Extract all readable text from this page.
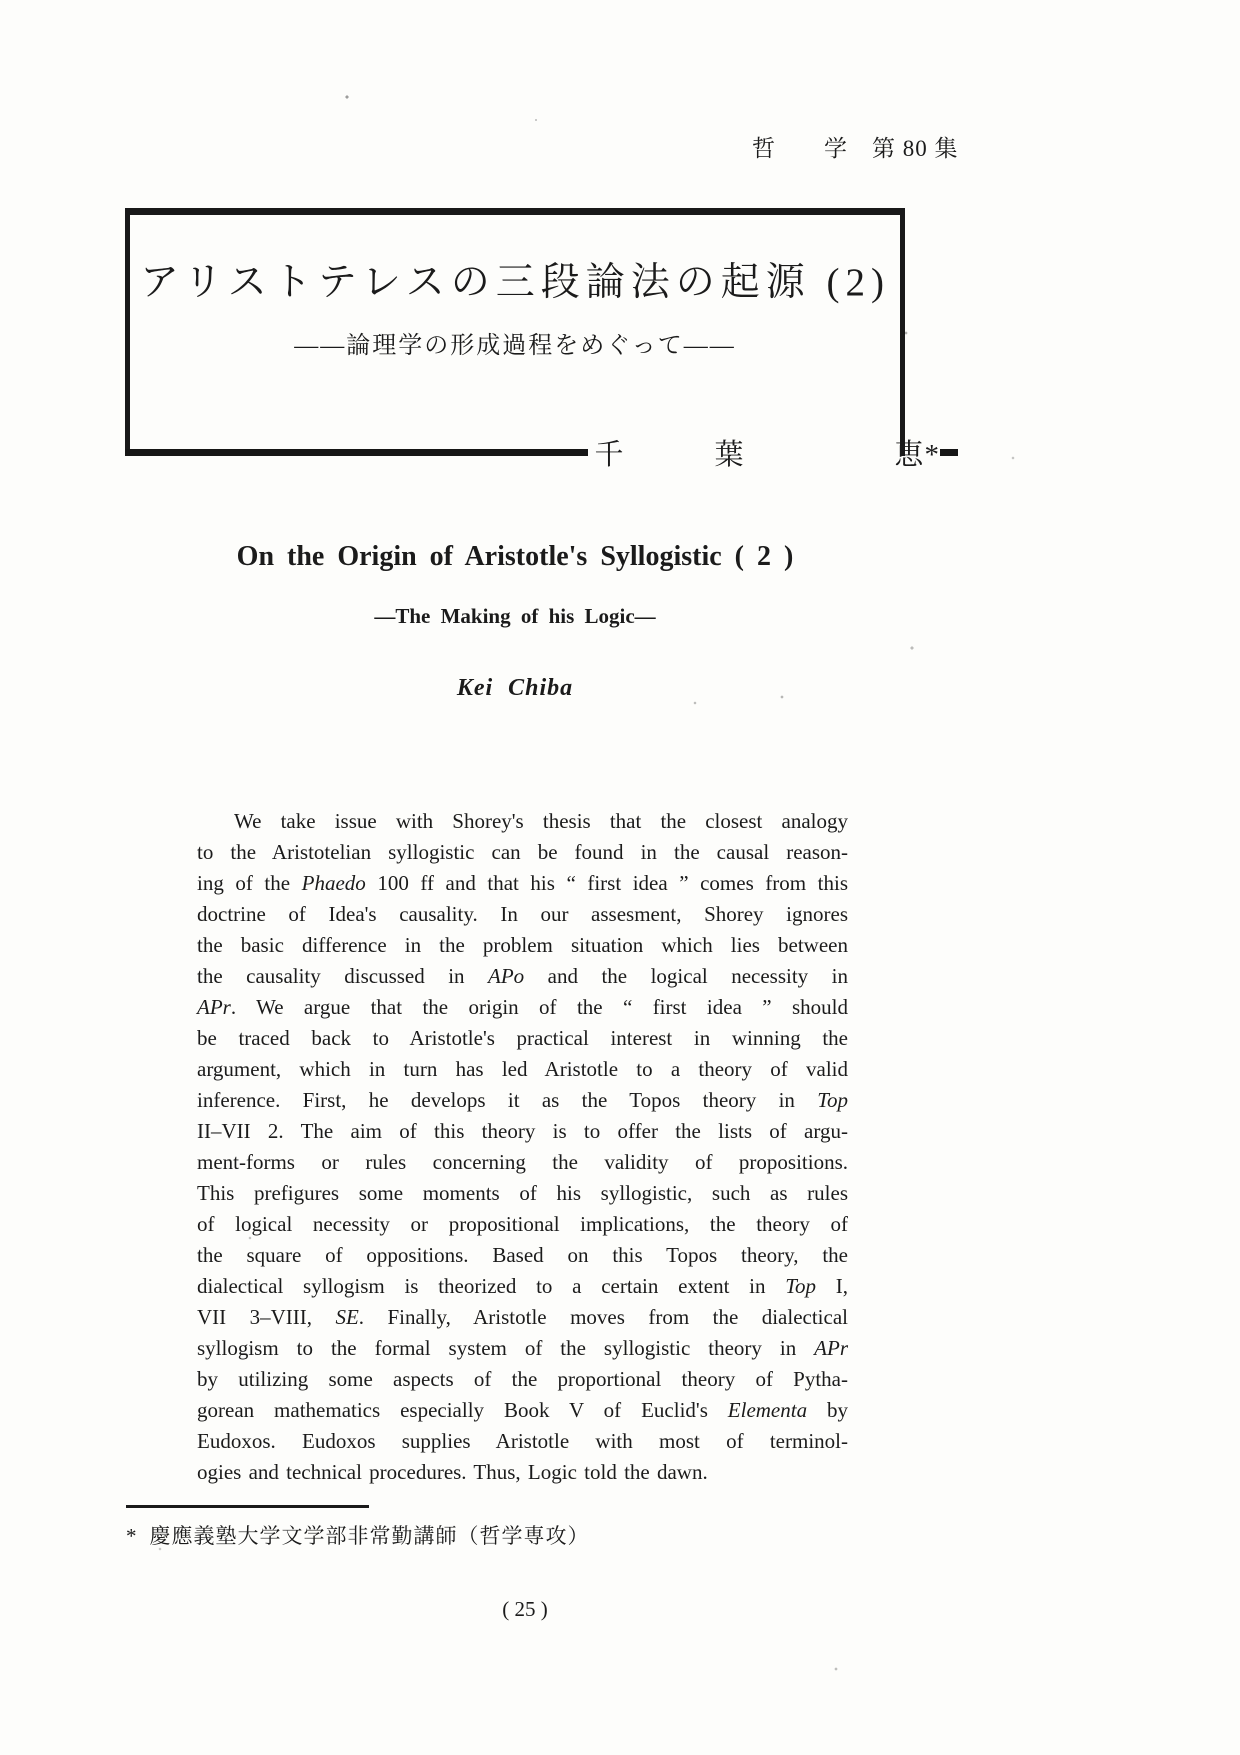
哲　　学　第 80 集
アリストテレスの三段論法の起源 (2)
――論理学の形成過程をめぐって――
千　　　葉　　　　　恵*
On the Origin of Aristotle's Syllogistic ( 2 )
—The Making of his Logic—
Kei Chiba
We take issue with Shorey's thesis that the closest analogy
to the Aristotelian syllogistic can be found in the causal reason-
ing of the Phaedo 100 ff and that his “ first idea ” comes from this
doctrine of Idea's causality. In our assesment, Shorey ignores
the basic difference in the problem situation which lies between
the causality discussed in APo and the logical necessity in
APr. We argue that the origin of the “ first idea ” should
be traced back to Aristotle's practical interest in winning the
argument, which in turn has led Aristotle to a theory of valid
inference. First, he develops it as the Topos theory in Top
II–VII 2. The aim of this theory is to offer the lists of argu-
ment-forms or rules concerning the validity of propositions.
This prefigures some moments of his syllogistic, such as rules
of logical necessity or propositional implications, the theory of
the square of oppositions. Based on this Topos theory, the
dialectical syllogism is theorized to a certain extent in Top I,
VII 3–VIII, SE. Finally, Aristotle moves from the dialectical
syllogism to the formal system of the syllogistic theory in APr
by utilizing some aspects of the proportional theory of Pytha-
gorean mathematics especially Book V of Euclid's Elementa by
Eudoxos. Eudoxos supplies Aristotle with most of terminol-
ogies and technical procedures. Thus, Logic told the dawn.
* 慶應義塾大学文学部非常勤講師（哲学専攻）
( 25 )
